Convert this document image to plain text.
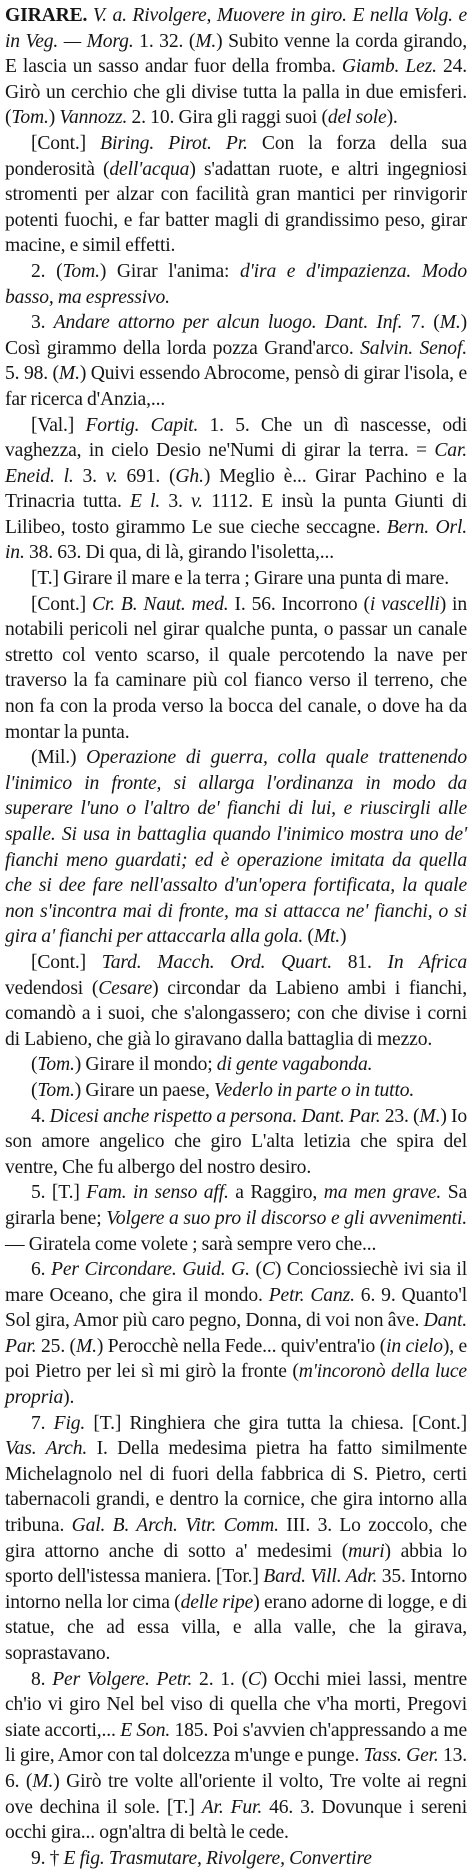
GIRARE. V. a. Rivolgere, Muovere in giro. E nella Volg. e in Veg. — Morg. 1. 32. (M.) Subito venne la corda girando, E lascia un sasso andar fuor della fromba. Giamb. Lez. 24. Girò un cerchio che gli divise tutta la palla in due emisferi. (Tom.) Vannozz. 2. 10. Gira gli raggi suoi (del sole).

[Cont.] Biring. Pirot. Pr. Con la forza della sua ponderosità (dell'acqua) s'adattan ruote, e altri ingegniosi stromenti per alzar con facilità gran mantici per rinvigorir potenti fuochi, e far batter magli di grandissimo peso, girar macine, e simil effetti.

2. (Tom.) Girar l'anima: d'ira e d'impazienza. Modo basso, ma espressivo.

3. Andare attorno per alcun luogo. Dant. Inf. 7. (M.) Così girammo della lorda pozza Grand'arco. Salvin. Senof. 5. 98. (M.) Quivi essendo Abrocome, pensò di girar l'isola, e far ricerca d'Anzia,...

[Val.] Fortig. Capit. 1. 5. Che un dì nascesse, odi vaghezza, in cielo Desio ne'Numi di girar la terra. = Car. Eneid. l. 3. v. 691. (Gh.) Meglio è... Girar Pachino e la Trinacria tutta. E l. 3. v. 1112. E insù la punta Giunti di Lilibeo, tosto girammo Le sue cieche seccagne. Bern. Orl. in. 38. 63. Di qua, di là, girando l'isoletta,...

[T.] Girare il mare e la terra ; Girare una punta di mare.

[Cont.] Cr. B. Naut. med. I. 56. Incorrono (i vascelli) in notabili pericoli nel girar qualche punta, o passar un canale stretto col vento scarso, il quale percotendo la nave per traverso la fa caminare più col fianco verso il terreno, che non fa con la proda verso la bocca del canale, o dove ha da montar la punta.

(Mil.) Operazione di guerra, colla quale trattenendo l'inimico in fronte, si allarga l'ordinanza in modo da superare l'uno o l'altro de' fianchi di lui, e riuscirgli alle spalle. Si usa in battaglia quando l'inimico mostra uno de' fianchi meno guardati; ed è operazione imitata da quella che si dee fare nell'assalto d'un'opera fortificata, la quale non s'incontra mai di fronte, ma si attacca ne' fianchi, o si gira a' fianchi per attaccarla alla gola. (Mt.)

[Cont.] Tard. Macch. Ord. Quart. 81. In Africa vedendosi (Cesare) circondar da Labieno ambi i fianchi, comandò a i suoi, che s'alongassero; con che divise i corni di Labieno, che già lo giravano dalla battaglia di mezzo.

(Tom.) Girare il mondo; di gente vagabonda.

(Tom.) Girare un paese, Vederlo in parte o in tutto.

4. Dicesi anche rispetto a persona. Dant. Par. 23. (M.) Io son amore angelico che giro L'alta letizia che spira del ventre, Che fu albergo del nostro desiro.

5. [T.] Fam. in senso aff. a Raggiro, ma men grave. Sa girarla bene; Volgere a suo pro il discorso e gli avvenimenti. — Giratela come volete ; sarà sempre vero che...

6. Per Circondare. Guid. G. (C) Conciossiechè ivi sia il mare Oceano, che gira il mondo. Petr. Canz. 6. 9. Quanto'l Sol gira, Amor più caro pegno, Donna, di voi non âve. Dant. Par. 25. (M.) Perocchè nella Fede... quiv'entra'io (in cielo), e poi Pietro per lei sì mi girò la fronte (m'incoronò della luce propria).

7. Fig. [T.] Ringhiera che gira tutta la chiesa. [Cont.] Vas. Arch. I. Della medesima pietra ha fatto similmente Michelagnolo nel di fuori della fabbrica di S. Pietro, certi tabernacoli grandi, e dentro la cornice, che gira intorno alla tribuna. Gal. B. Arch. Vitr. Comm. III. 3. Lo zoccolo, che gira attorno anche di sotto a' medesimi (muri) abbia lo sporto dell'istessa maniera. [Tor.] Bard. Vill. Adr. 35. Intorno intorno nella lor cima (delle ripe) erano adorne di logge, e di statue, che ad essa villa, e alla valle, che la girava, soprastavano.

8. Per Volgere. Petr. 2. 1. (C) Occhi miei lassi, mentre ch'io vi giro Nel bel viso di quella che v'ha morti, Pregovi siate accorti,... E Son. 185. Poi s'avvien ch'appressando a me li gire, Amor con tal dolcezza m'unge e punge. Tass. Ger. 13. 6. (M.) Girò tre volte all'oriente il volto, Tre volte ai regni ove dechina il sole. [T.] Ar. Fur. 46. 3. Dovunque i sereni occhi gira... ogn'altra di beltà le cede.

9. † E fig. Trasmutare, Rivolgere, Convertire
